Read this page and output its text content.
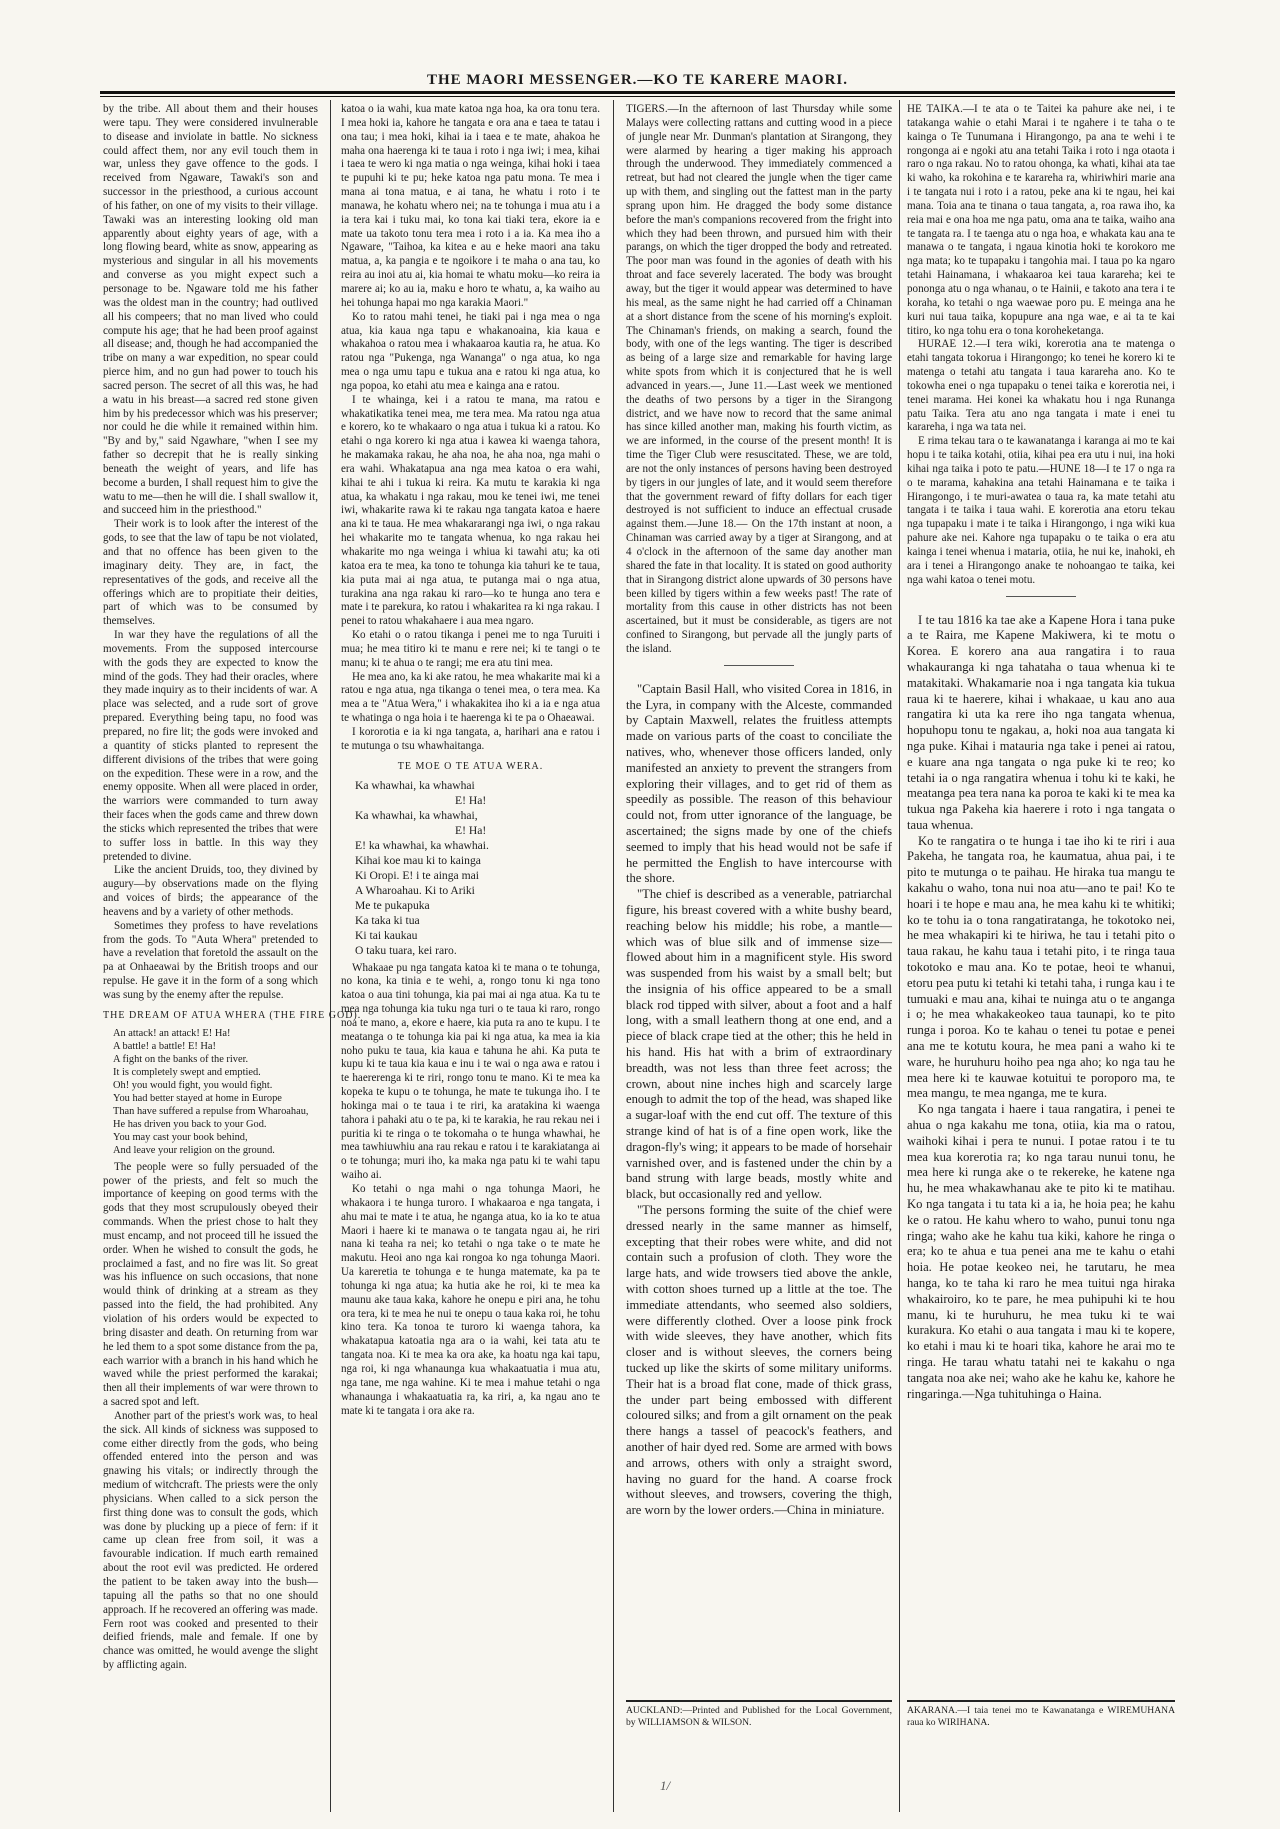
THE MAORI MESSENGER.—KO TE KARERE MAORI.

by the tribe. All about them and their houses were tapu. They were considered invulnerable to disease and inviolate in battle. No sickness could affect them, nor any evil touch them in war, unless they gave offence to the gods. I received from Ngaware, Tawaki's son and successor in the priesthood, a curious account of his father, on one of my visits to their village. Tawaki was an interesting looking old man apparently about eighty years of age, with a long flowing beard, white as snow, appearing as mysterious and singular in all his movements and converse as you might expect such a personage to be. Ngaware told me his father was the oldest man in the country; had outlived all his compeers; that no man lived who could compute his age; that he had been proof against all disease; and, though he had accompanied the tribe on many a war expedition, no spear could pierce him, and no gun had power to touch his sacred person. The secret of all this was, he had a watu in his breast—a sacred red stone given him by his predecessor which was his preserver; nor could he die while it remained within him. "By and by," said Ngawhare, "when I see my father so decrepit that he is really sinking beneath the weight of years, and life has become a burden, I shall request him to give the watu to me—then he will die. I shall swallow it, and succeed him in the priesthood."

Their work is to look after the interest of the gods, to see that the law of tapu be not violated, and that no offence has been given to the imaginary deity. They are, in fact, the representatives of the gods, and receive all the offerings which are to propitiate their deities, part of which was to be consumed by themselves.

In war they have the regulations of all the movements. From the supposed intercourse with the gods they are expected to know the mind of the gods. They had their oracles, where they made inquiry as to their incidents of war. A place was selected, and a rude sort of grove prepared. Everything being tapu, no food was prepared, no fire lit; the gods were invoked and a quantity of sticks planted to represent the different divisions of the tribes that were going on the expedition. These were in a row, and the enemy opposite. When all were placed in order, the warriors were commanded to turn away their faces when the gods came and threw down the sticks which represented the tribes that were to suffer loss in battle. In this way they pretended to divine.

Like the ancient Druids, too, they divined by augury—by observations made on the flying and voices of birds; the appearance of the heavens and by a variety of other methods.

Sometimes they profess to have revelations from the gods. To "Auta Whera" pretended to have a revelation that foretold the assault on the pa at Onhaeawai by the British troops and our repulse. He gave it in the form of a song which was sung by the enemy after the repulse.

THE DREAM OF ATUA WHERA (THE FIRE GOD).
An attack! an attack! E! Ha!
A battle! a battle! E! Ha!
A fight on the banks of the river.
It is completely swept and emptied.
Oh! you would fight, you would fight.
You had better stayed at home in Europe
Than have suffered a repulse from Wharoahau,
He has driven you back to your God.
You may cast your book behind,
And leave your religion on the ground.

The people were so fully persuaded of the power of the priests, and felt so much the importance of keeping on good terms with the gods that they most scrupulously obeyed their commands. When the priest chose to halt they must encamp, and not proceed till he issued the order. When he wished to consult the gods, he proclaimed a fast, and no fire was lit. So great was his influence on such occasions, that none would think of drinking at a stream as they passed into the field, the had prohibited. Any violation of his orders would be expected to bring disaster and death. On returning from war he led them to a spot some distance from the pa, each warrior with a branch in his hand which he waved while the priest performed the karakai; then all their implements of war were thrown to a sacred spot and left.

Another part of the priest's work was, to heal the sick. All kinds of sickness was supposed to come either directly from the gods, who being offended entered into the person and was gnawing his vitals; or indirectly through the medium of witchcraft. The priests were the only physicians. When called to a sick person the first thing done was to consult the gods, which was done by plucking up a piece of fern: if it came up clean free from soil, it was a favourable indication. If much earth remained about the root evil was predicted. He ordered the patient to be taken away into the bush—tapuing all the paths so that no one should approach. If he recovered an offering was made. Fern root was cooked and presented to their deified friends, male and female. If one by chance was omitted, he would avenge the slight by afflicting again.

katoa o ia wahi, kua mate katoa nga hoa, ka ora tonu tera. I mea hoki ia, kahore he tangata e ora ana e taea te tatau i ona tau; i mea hoki, kihai ia i taea e te mate, ahakoa he maha ona haerenga ki te taua i roto i nga iwi; i mea, kihai i taea te wero ki nga matia o nga weinga, kihai hoki i taea te pupuhi ki te pu; heke katoa nga patu mona. Te mea i mana ai tona matua, e ai tana, he whatu i roto i te manawa, he kohatu whero nei; na te tohunga i mua atu i a ia tera kai i tuku mai, ko tona kai tiaki tera, ekore ia e mate ua takoto tonu tera mea i roto i a ia. Ka mea iho a Ngaware, "Taihoa, ka kitea e au e heke maori ana taku matua, a, ka pangia e te ngoikore i te maha o ana tau, ko reira au inoi atu ai, kia homai te whatu moku—ko reira ia marere ai; ko au ia, maku e horo te whatu, a, ka waiho au hei tohunga hapai mo nga karakia Maori."

Ko to ratou mahi tenei, he tiaki pai i nga mea o nga atua, kia kaua nga tapu e whakanoaina, kia kaua e whakahoa o ratou mea i whakaaroa kautia ra, he atua. Ko ratou nga "Pukenga, nga Wananga" o nga atua, ko nga mea o nga umu tapu e tukua ana e ratou ki nga atua, ko nga popoa, ko etahi atu mea e kainga ana e ratou.

I te whainga, kei i a ratou te mana, ma ratou e whakatikatika tenei mea, me tera mea. Ma ratou nga atua e korero, ko te whakaaro o nga atua i tukua ki a ratou. Ko etahi o nga korero ki nga atua i kawea ki waenga tahora, he makamaka rakau, he aha noa, he aha noa, nga mahi o era wahi. Whakatapua ana nga mea katoa o era wahi, kihai te ahi i tukua ki reira. Ka mutu te karakia ki nga atua, ka whakatu i nga rakau, mou ke tenei iwi, me tenei iwi, whakarite rawa ki te rakau nga tangata katoa e haere ana ki te taua. He mea whakararangi nga iwi, o nga rakau hei whakarite mo te tangata whenua, ko nga rakau hei whakarite mo nga weinga i whiua ki tawahi atu; ka oti katoa era te mea, ka tono te tohunga kia tahuri ke te taua, kia puta mai ai nga atua, te putanga mai o nga atua, turakina ana nga rakau ki raro—ko te hunga ano tera e mate i te parekura, ko ratou i whakaritea ra ki nga rakau. I penei to ratou whakahaere i aua mea ngaro.

Ko etahi o o ratou tikanga i penei me to nga Turuiti i mua; he mea titiro ki te manu e rere nei; ki te tangi o te manu; ki te ahua o te rangi; me era atu tini mea.

He mea ano, ka ki ake ratou, he mea whakarite mai ki a ratou e nga atua, nga tikanga o tenei mea, o tera mea. Ka mea a te "Atua Wera," i whakakitea iho ki a ia e nga atua te whatinga o nga hoia i te haerenga ki te pa o Ohaeawai.

I kororotia e ia ki nga tangata, a, harihari ana e ratou i te mutunga o tsu whawhaitanga.

TE MOE O TE ATUA WERA.
Ka whawhai, ka whawhai
E! Ha!
Ka whawhai, ka whawhai,
E! Ha!
E! ka whawhai, ka whawhai.
Kihai koe mau ki to kainga
Ki Oropi. E! i te ainga mai
A Wharoahau. Ki to Ariki
Me te pukapuka
Ka taka ki tua
Ki tai kaukau
O taku tuara, kei raro.

Whakaae pu nga tangata katoa ki te mana o te tohunga, no kona, ka tinia e te wehi, a, rongo tonu ki nga tono katoa o aua tini tohunga, kia pai mai ai nga atua. Ka tu te mea nga tohunga kia tuku nga turi o te taua ki raro, rongo noa te mano, a, ekore e haere, kia puta ra ano te kupu. I te meatanga o te tohunga kia pai ki nga atua, ka mea ia kia noho puku te taua, kia kaua e tahuna he ahi. Ka puta te kupu ki te taua kia kaua e inu i te wai o nga awa e ratou i te haererenga ki te riri, rongo tonu te mano. Ki te mea ka kopeka te kupu o te tohunga, he mate te tukunga iho. I te hokinga mai o te taua i te riri, ka aratakina ki waenga tahora i pahaki atu o te pa, ki te karakia, he rau rekau nei i puritia ki te ringa o te tokomaha o te hunga whawhai, he mea tawhiuwhiu ana rau rekau e ratou i te karakiatanga ai o te tohunga; muri iho, ka maka nga patu ki te wahi tapu waiho ai.

Ko tetahi o nga mahi o nga tohunga Maori, he whakaora i te hunga turoro. I whakaaroa e nga tangata, i ahu mai te mate i te atua, he nganga atua, ko ia ko te atua Maori i haere ki te manawa o te tangata ngau ai, he riri nana ki teaha ra nei; ko tetahi o nga take o te mate he makutu. Heoi ano nga kai rongoa ko nga tohunga Maori. Ua kareretia te tohunga e te hunga matemate, ka pa te tohunga ki nga atua; ka hutia ake he roi, ki te mea ka maunu ake taua kaka, kahore he onepu e piri ana, he tohu ora tera, ki te mea he nui te onepu o taua kaka roi, he tohu kino tera. Ka tonoa te turoro ki waenga tahora, ka whakatapua katoatia nga ara o ia wahi, kei tata atu te tangata noa. Ki te mea ka ora ake, ka hoatu nga kai tapu, nga roi, ki nga whanaunga kua whakaatuatia i mua atu, nga tane, me nga wahine. Ki te mea i mahue tetahi o nga whanaunga i whakaatuatia ra, ka riri, a, ka ngau ano te mate ki te tangata i ora ake ra.

TIGERS.—In the afternoon of last Thursday while some Malays were collecting rattans and cutting wood in a piece of jungle near Mr. Dunman's plantation at Sirangong, they were alarmed by hearing a tiger making his approach through the underwood. They immediately commenced a retreat, but had not cleared the jungle when the tiger came up with them, and singling out the fattest man in the party sprang upon him. He dragged the body some distance before the man's companions recovered from the fright into which they had been thrown, and pursued him with their parangs, on which the tiger dropped the body and retreated. The poor man was found in the agonies of death with his throat and face severely lacerated. The body was brought away, but the tiger it would appear was determined to have his meal, as the same night he had carried off a Chinaman at a short distance from the scene of his morning's exploit. The Chinaman's friends, on making a search, found the body, with one of the legs wanting. The tiger is described as being of a large size and remarkable for having large white spots from which it is conjectured that he is well advanced in years.—, June 11.—Last week we mentioned the deaths of two persons by a tiger in the Sirangong district, and we have now to record that the same animal has since killed another man, making his fourth victim, as we are informed, in the course of the present month! It is time the Tiger Club were resuscitated. These, we are told, are not the only instances of persons having been destroyed by tigers in our jungles of late, and it would seem therefore that the government reward of fifty dollars for each tiger destroyed is not sufficient to induce an effectual crusade against them.—June 18.— On the 17th instant at noon, a Chinaman was carried away by a tiger at Sirangong, and at 4 o'clock in the afternoon of the same day another man shared the fate in that locality. It is stated on good authority that in Sirangong district alone upwards of 30 persons have been killed by tigers within a few weeks past! The rate of mortality from this cause in other districts has not been ascertained, but it must be considerable, as tigers are not confined to Sirangong, but pervade all the jungly parts of the island.

"Captain Basil Hall, who visited Corea in 1816, in the Lyra, in company with the Alceste, commanded by Captain Maxwell, relates the fruitless attempts made on various parts of the coast to conciliate the natives, who, whenever those officers landed, only manifested an anxiety to prevent the strangers from exploring their villages, and to get rid of them as speedily as possible. The reason of this behaviour could not, from utter ignorance of the language, be ascertained; the signs made by one of the chiefs seemed to imply that his head would not be safe if he permitted the English to have intercourse with the shore.

"The chief is described as a venerable, patriarchal figure, his breast covered with a white bushy beard, reaching below his middle; his robe, a mantle—which was of blue silk and of immense size—flowed about him in a magnificent style. His sword was suspended from his waist by a small belt; but the insignia of his office appeared to be a small black rod tipped with silver, about a foot and a half long, with a small leathern thong at one end, and a piece of black crape tied at the other; this he held in his hand. His hat with a brim of extraordinary breadth, was not less than three feet across; the crown, about nine inches high and scarcely large enough to admit the top of the head, was shaped like a sugar-loaf with the end cut off. The texture of this strange kind of hat is of a fine open work, like the dragon-fly's wing; it appears to be made of horsehair varnished over, and is fastened under the chin by a band strung with large beads, mostly white and black, but occasionally red and yellow.

"The persons forming the suite of the chief were dressed nearly in the same manner as himself, excepting that their robes were white, and did not contain such a profusion of cloth. They wore the large hats, and wide trowsers tied above the ankle, with cotton shoes turned up a little at the toe. The immediate attendants, who seemed also soldiers, were differently clothed. Over a loose pink frock with wide sleeves, they have another, which fits closer and is without sleeves, the corners being tucked up like the skirts of some military uniforms. Their hat is a broad flat cone, made of thick grass, the under part being embossed with different coloured silks; and from a gilt ornament on the peak there hangs a tassel of peacock's feathers, and another of hair dyed red. Some are armed with bows and arrows, others with only a straight sword, having no guard for the hand. A coarse frock without sleeves, and trowsers, covering the thigh, are worn by the lower orders.—China in miniature.

HE TAIKA.—I te ata o te Taitei ka pahure ake nei, i te tatakanga wahie o etahi Marai i te ngahere i te taha o te kainga o Te Tunumana i Hirangongo, pa ana te wehi i te rongonga ai e ngoki atu ana tetahi Taika i roto i nga otaota i raro o nga rakau. No to ratou ohonga, ka whati, kihai ata tae ki waho, ka rokohina e te karareha ra, whiriwhiri marie ana i te tangata nui i roto i a ratou, peke ana ki te ngau, hei kai mana. Toia ana te tinana o taua tangata, a, roa rawa iho, ka reia mai e ona hoa me nga patu, oma ana te taika, waiho ana te tangata ra. I te taenga atu o nga hoa, e whakata kau ana te manawa o te tangata, i ngaua kinotia hoki te korokoro me nga mata; ko te tupapaku i tangohia mai. I taua po ka ngaro tetahi Hainamana, i whakaaroa kei taua karareha; kei te pononga atu o nga whanau, o te Hainii, e takoto ana tera i te koraha, ko tetahi o nga waewae poro pu. E meinga ana he kuri nui taua taika, kopupure ana nga wae, e ai ta te kai titiro, ko nga tohu era o tona koroheketanga.

HURAE 12.—I tera wiki, korerotia ana te matenga o etahi tangata tokorua i Hirangongo; ko tenei he korero ki te matenga o tetahi atu tangata i taua karareha ano. Ko te tokowha enei o nga tupapaku o tenei taika e korerotia nei, i tenei marama. Hei konei ka whakatu hou i nga Runanga patu Taika. Tera atu ano nga tangata i mate i enei tu karareha, i nga wa tata nei.

E rima tekau tara o te kawanatanga i karanga ai mo te kai hopu i te taika kotahi, otiia, kihai pea era utu i nui, ina hoki kihai nga taika i poto te patu.—HUNE 18—I te 17 o nga ra o te marama, kahakina ana tetahi Hainamana e te taika i Hirangongo, i te muri-awatea o taua ra, ka mate tetahi atu tangata i te taika i taua wahi. E korerotia ana etoru tekau nga tupapaku i mate i te taika i Hirangongo, i nga wiki kua pahure ake nei. Kahore nga tupapaku o te taika o era atu kainga i tenei whenua i mataria, otiia, he nui ke, inahoki, eh ara i tenei a Hirangongo anake te nohoangao te taika, kei nga wahi katoa o tenei motu.

I te tau 1816 ka tae ake a Kapene Hora i tana puke a te Raira, me Kapene Makiwera, ki te motu o Korea. E korero ana aua rangatira i to raua whakauranga ki nga tahataha o taua whenua ki te matakitaki. Whakamarie noa i nga tangata kia tukua raua ki te haerere, kihai i whakaae, u kau ano aua rangatira ki uta ka rere iho nga tangata whenua, hopuhopu tonu te ngakau, a, hoki noa aua tangata ki nga puke. Kihai i matauria nga take i penei ai ratou, e kuare ana nga tangata o nga puke ki te reo; ko tetahi ia o nga rangatira whenua i tohu ki te kaki, he meatanga pea tera nana ka poroa te kaki ki te mea ka tukua nga Pakeha kia haerere i roto i nga tangata o taua whenua.

Ko te rangatira o te hunga i tae iho ki te riri i aua Pakeha, he tangata roa, he kaumatua, ahua pai, i te pito te mutunga o te paihau. He hiraka tua mangu te kakahu o waho, tona nui noa atu—ano te pai! Ko te hoari i te hope e mau ana, he mea kahu ki te whitiki; ko te tohu ia o tona rangatiratanga, he tokotoko nei, he mea whakapiri ki te hiriwa, he tau i tetahi pito o taua rakau, he kahu taua i tetahi pito, i te ringa taua tokotoko e mau ana. Ko te potae, heoi te whanui, etoru pea putu ki tetahi ki tetahi taha, i runga kau i te tumuaki e mau ana, kihai te nuinga atu o te anganga i o; he mea whakakeokeo taua taunapi, ko te pito runga i poroa. Ko te kahau o tenei tu potae e penei ana me te kotutu koura, he mea pani a waho ki te ware, he huruhuru hoiho pea nga aho; ko nga tau he mea here ki te kauwae kotuitui te poroporo ma, te mea mangu, te mea nganga, me te kura.

Ko nga tangata i haere i taua rangatira, i penei te ahua o nga kakahu me tona, otiia, kia ma o ratou, waihoki kihai i pera te nunui. I potae ratou i te tu mea kua korerotia ra; ko nga tarau nunui tonu, he mea here ki runga ake o te rekereke, he katene nga hu, he mea whakawhanau ake te pito ki te matihau. Ko nga tangata i tu tata ki a ia, he hoia pea; he kahu ke o ratou. He kahu whero to waho, punui tonu nga ringa; waho ake he kahu tua kiki, kahore he ringa o era; ko te ahua e tua penei ana me te kahu o etahi hoia. He potae keokeo nei, he tarutaru, he mea hanga, ko te taha ki raro he mea tuitui nga hiraka whakairoiro, ko te pare, he mea puhipuhi ki te hou manu, ki te huruhuru, he mea tuku ki te wai kurakura. Ko etahi o aua tangata i mau ki te kopere, ko etahi i mau ki te hoari tika, kahore he arai mo te ringa. He tarau whatu tatahi nei te kakahu o nga tangata noa ake nei; waho ake he kahu ke, kahore he ringaringa.—Nga tuhituhinga o Haina.

AUCKLAND:—Printed and Published for the Local Government, by WILLIAMSON & WILSON.
AKARANA.—I taia tenei mo te Kawanatanga e WIREMUHANA raua ko WIRIHANA.
1/
